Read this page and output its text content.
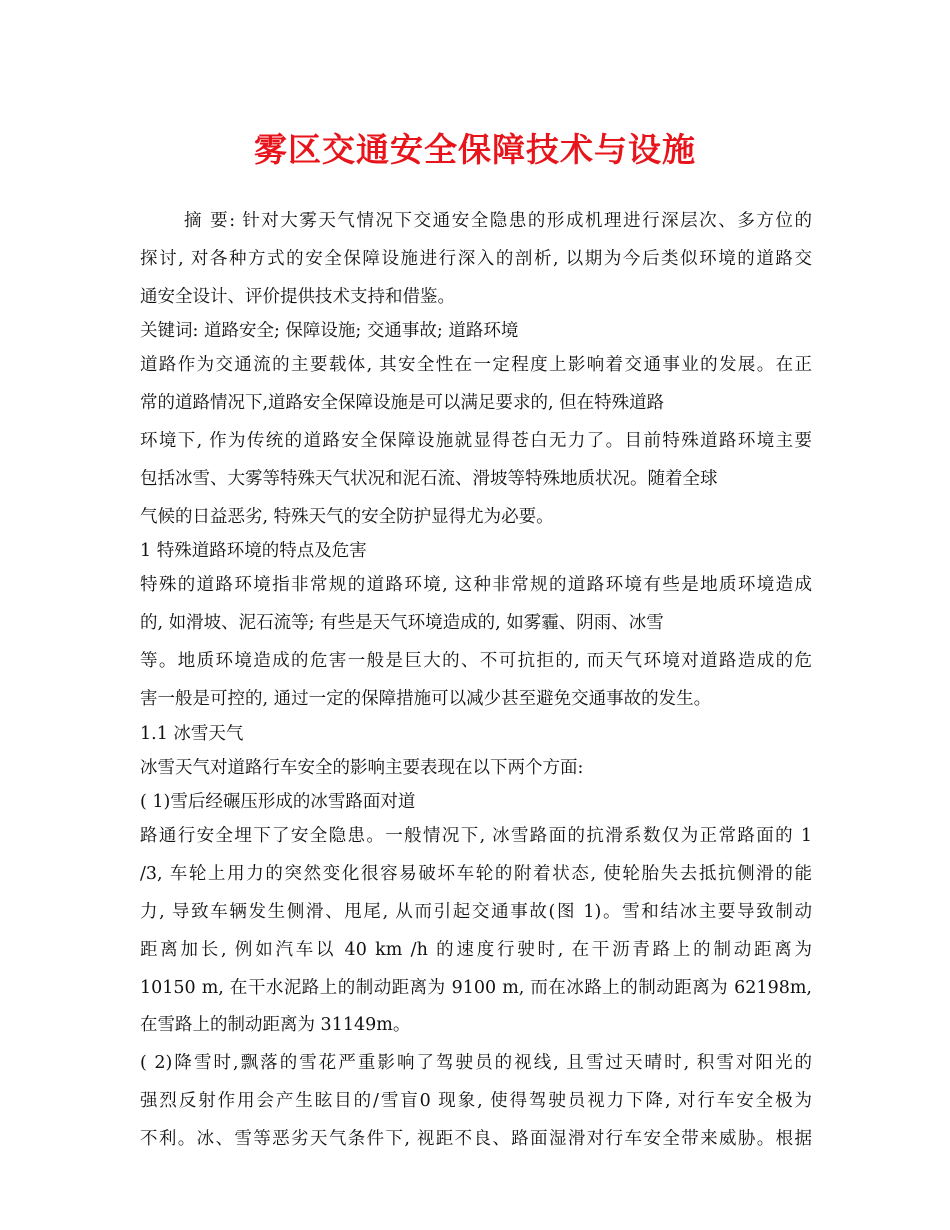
雾区交通安全保障技术与设施
摘 要: 针对大雾天气情况下交通安全隐患的形成机理进行深层次、多方位的
探讨, 对各种方式的安全保障设施进行深入的剖析, 以期为今后类似环境的道路交
通安全设计、评价提供技术支持和借鉴。
关键词: 道路安全; 保障设施; 交通事故; 道路环境
道路作为交通流的主要载体, 其安全性在一定程度上影响着交通事业的发展。在正
常的道路情况下,道路安全保障设施是可以满足要求的, 但在特殊道路
环境下, 作为传统的道路安全保障设施就显得苍白无力了。目前特殊道路环境主要
包括冰雪、大雾等特殊天气状况和泥石流、滑坡等特殊地质状况。随着全球
气候的日益恶劣, 特殊天气的安全防护显得尤为必要。
1 特殊道路环境的特点及危害
特殊的道路环境指非常规的道路环境, 这种非常规的道路环境有些是地质环境造成
的, 如滑坡、泥石流等; 有些是天气环境造成的, 如雾霾、阴雨、冰雪
等。地质环境造成的危害一般是巨大的、不可抗拒的, 而天气环境对道路造成的危
害一般是可控的, 通过一定的保障措施可以减少甚至避免交通事故的发生。
1.1 冰雪天气
冰雪天气对道路行车安全的影响主要表现在以下两个方面:
( 1)雪后经碾压形成的冰雪路面对道
路通行安全埋下了安全隐患。一般情况下, 冰雪路面的抗滑系数仅为正常路面的 1
/3, 车轮上用力的突然变化很容易破坏车轮的附着状态, 使轮胎失去抵抗侧滑的能
力, 导致车辆发生侧滑、甩尾, 从而引起交通事故(图 1)。雪和结冰主要导致制动
距离加长, 例如汽车以 40 km /h 的速度行驶时, 在干沥青路上的制动距离为
10150 m, 在干水泥路上的制动距离为 9100 m, 而在冰路上的制动距离为 62198m,
在雪路上的制动距离为 31149m。
( 2)降雪时,飘落的雪花严重影响了驾驶员的视线, 且雪过天晴时, 积雪对阳光的
强烈反射作用会产生眩目的/雪盲0 现象, 使得驾驶员视力下降, 对行车安全极为
不利。冰、雪等恶劣天气条件下, 视距不良、路面湿滑对行车安全带来威胁。根据
